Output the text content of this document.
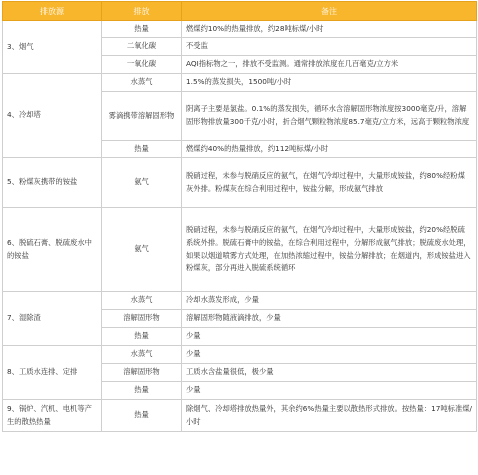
排放源	排放	备注
3、烟气	热量	燃煤约10%的热量排放，约28吨标煤/小时
	二氧化碳	不受监
	一氧化碳	AQI指标物之一，排放不受监测。通常排放浓度在几百毫克/立方米
4、冷却塔	水蒸气	1.5%的蒸发损失，1500吨/小时
	雾滴携带溶解固形物	阴离子主要是氯盐。0.1%的蒸发损失，循环水含溶解固形物浓度按3000毫克/升，溶解固形物排放量300千克/小时，折合烟气颗粒物浓度85.7毫克/立方米，远高于颗粒物浓度
	热量	燃煤约40%的热量排放，约112吨标煤/小时
5、粉煤灰携带的铵盐	氨气	脱硝过程，未参与脱硝反应的氨气，在烟气冷却过程中，大量形成铵盐，约80%经粉煤灰外排。粉煤灰在综合利用过程中，铵盐分解，形成氨气排放
6、脱硫石膏、脱硫废水中的铵盐	氨气	脱硝过程，未参与脱硝反应的氨气，在烟气冷却过程中，大量形成铵盐，约20%经脱硫系统外排。脱硫石膏中的铵盐，在综合利用过程中，分解形成氨气排放；脱硫废水处理，如果以烟道喷雾方式处理，在加热浓缩过程中，铵盐分解排放；在烟道内，形成铵盐进入粉煤灰，部分再进入脱硫系统循环
7、湿除渣	水蒸气	冷却水蒸发形成，少量
	溶解固形物	溶解固形物随液滴排放，少量
	热量	少量
8、工质水连排、定排	水蒸气	少量
	溶解固形物	工质水含盐量很低，极少量
	热量	少量
9、锅炉、汽机、电机等产生的散热热量	热量	除烟气、冷却塔排放热量外，其余约6%热量主要以散热形式排放。按热量：17吨标准煤/小时
